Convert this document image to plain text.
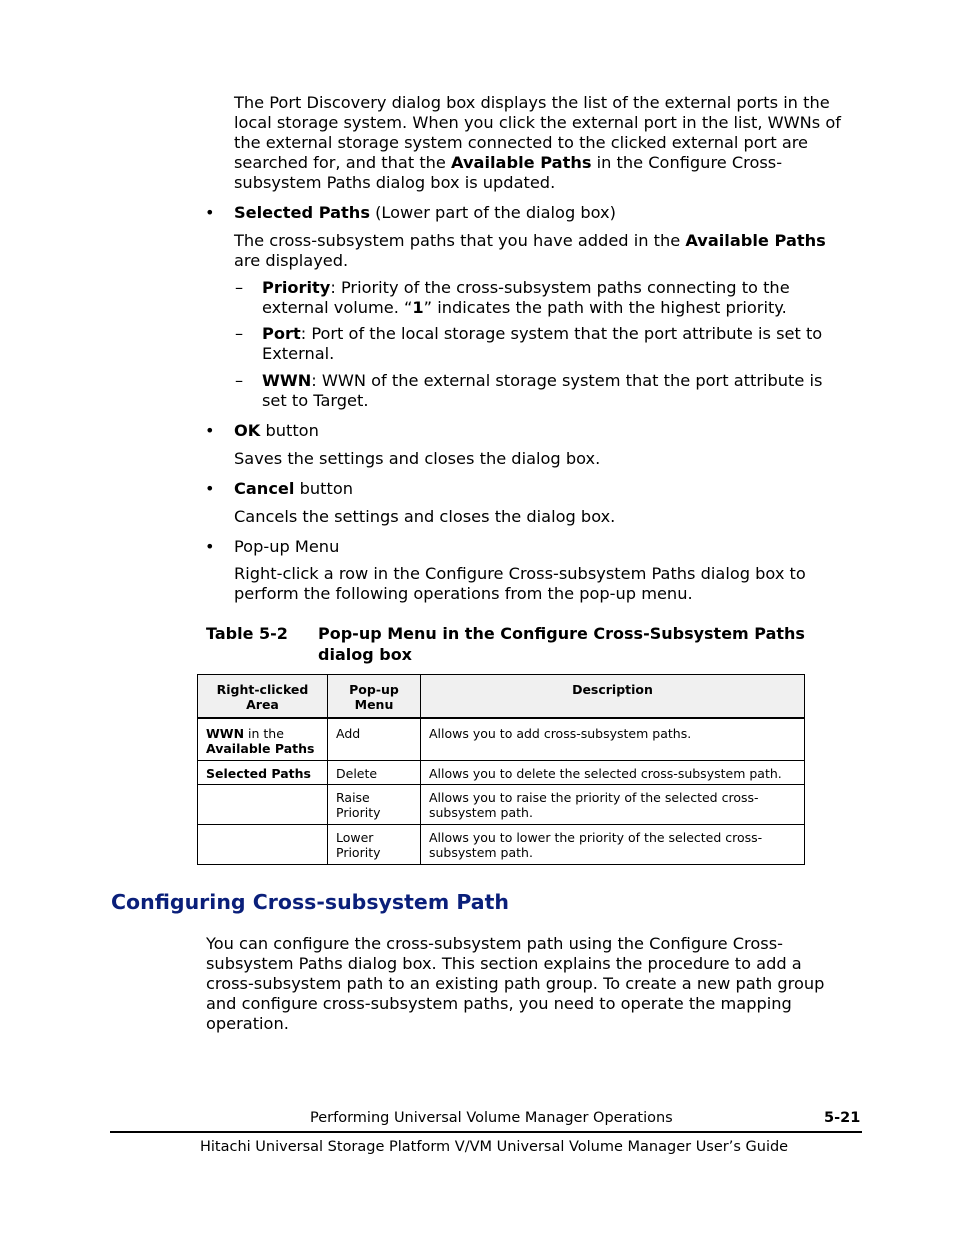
The Port Discovery dialog box displays the list of the external ports in the local storage system. When you click the external port in the list, WWNs of the external storage system connected to the clicked external port are searched for, and that the Available Paths in the Configure Cross-subsystem Paths dialog box is updated.

• Selected Paths (Lower part of the dialog box)

The cross-subsystem paths that you have added in the Available Paths are displayed.

– Priority: Priority of the cross-subsystem paths connecting to the external volume. “1” indicates the path with the highest priority.

– Port: Port of the local storage system that the port attribute is set to External.

– WWN: WWN of the external storage system that the port attribute is set to Target.

• OK button

Saves the settings and closes the dialog box.

• Cancel button

Cancels the settings and closes the dialog box.

• Pop-up Menu

Right-click a row in the Configure Cross-subsystem Paths dialog box to perform the following operations from the pop-up menu.

Table 5-2 Pop-up Menu in the Configure Cross-Subsystem Paths dialog box
Right-clicked Area	Pop-up Menu	Description
WWN in the
Available Paths	Add	Allows you to add cross-subsystem paths.
Selected Paths	Delete	Allows you to delete the selected cross-subsystem path.
	Raise Priority	Allows you to raise the priority of the selected cross-subsystem path.
	Lower Priority	Allows you to lower the priority of the selected cross-subsystem path.
Configuring Cross-subsystem Path

You can configure the cross-subsystem path using the Configure Cross-subsystem Paths dialog box. This section explains the procedure to add a cross-subsystem path to an existing path group. To create a new path group and configure cross-subsystem paths, you need to operate the mapping operation.

Performing Universal Volume Manager Operations	5-21
Hitachi Universal Storage Platform V/VM Universal Volume Manager User’s Guide
